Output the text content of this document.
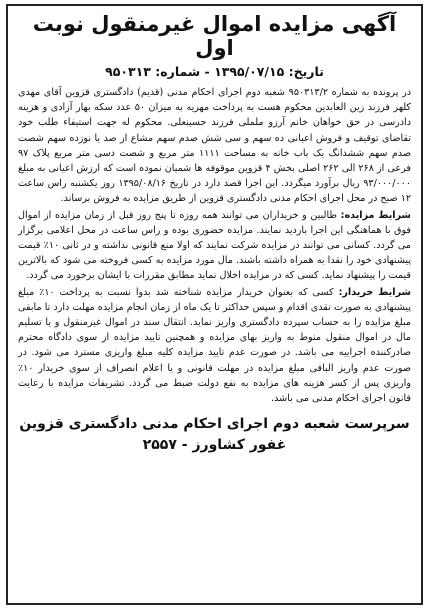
آگهی مزایده اموال غیرمنقول نوبت اول
تاریخ: ۱۳۹۵/۰۷/۱۵ - شماره: ۹۵۰۳۱۳

در پرونده به شماره ۹۵۰۳۱۳/۲ شعبه دوم اجرای احکام مدنی (قدیم) دادگستری قزوین آقای مهدی کلهر فرزند زین العابدین محکوم هست به پرداخت مهریه به میزان ۵۰ عدد سکه بهار آزادی و هزینه دادرسی در حق خواهان خانم آرزو ململی فرزند حسینعلی. محکوم له جهت استیفاء طلب خود تقاضای توقیف و فروش اعیانی ده سهم و سی شش صدم سهم مشاع از صد یا نوزده سهم شصت صدم سهم ششدانگ یک باب خانه به مساحت ۱۱۱۱ متر مربع و شصت دسی متر مربع پلاک ۹۷ فرعی از ۲۶۸ الی ۲۶۲ اصلی بخش ۴ قزوین موقوفه ها شمیان نموده است که ارزش اعیانی به مبلغ ۹۳/۰۰۰/۰۰۰ ریال برآورد میگردد. این اجرا قصد دارد در تاریخ ۱۳۹۵/۰۸/۱۶ روز یکشنبه راس ساعت ۱۲ صبح در محل اجرای احکام مدنی دادگستری قزوین از طریق مزایده به فروش برساند.

شرایط مزایده: طالبین و خریداران می توانند همه روزه تا پنج روز قبل از زمان مزایده از اموال فوق با هماهنگی این اجرا بازدید نمایند. مزایده حضوری بوده و راس ساعت در محل اعلامی برگزار می گردد. کسانی می توانند در مزایده شرکت نمایند که اولا منع قانونی نداشته و در ثانی ۱۰٪ قیمت پیشنهادی خود را نقدا به همراه داشته باشند. مال مورد مزایده به کسی فروخته می شود که بالاترین قیمت را پیشنهاد نماید. کسی که در مزایده اخلال نماید مطابق مقررات با ایشان برخورد می گردد.

شرایط خریدار: کسی که بعنوان خریدار مزایده شناخته شد بدوا نسبت به پرداخت ۱۰٪ مبلغ پیشنهادی به صورت نقدی اقدام و سپس حداکثر تا یک ماه از زمان انجام مزایده مهلت دارد تا مابقی مبلغ مزایده را به حساب سپرده دادگستری واریز نماید. انتقال سند در اموال غیرمنقول و یا تسلیم مال در اموال منقول منوط به واریز بهای مزایده و همچنین تایید مزایده از سوی دادگاه محترم صادرکننده اجراییه می باشد. در صورت عدم تایید مزایده کلیه مبلغ واریزی مسترد می شود. در صورت عدم واریز الباقی مبلغ مزایده در مهلت قانونی و یا اعلام انصراف از سوی خریدار ۱۰٪ واریزی پس از کسر هزینه های مزایده به نفع دولت ضبط می گردد. تشریفات مزایده با رعایت قانون اجرای احکام مدنی می باشد.

سرپرست شعبه دوم اجرای احکام مدنی دادگستری قزوین
غفور کشاورز - ۲۵۵۷
